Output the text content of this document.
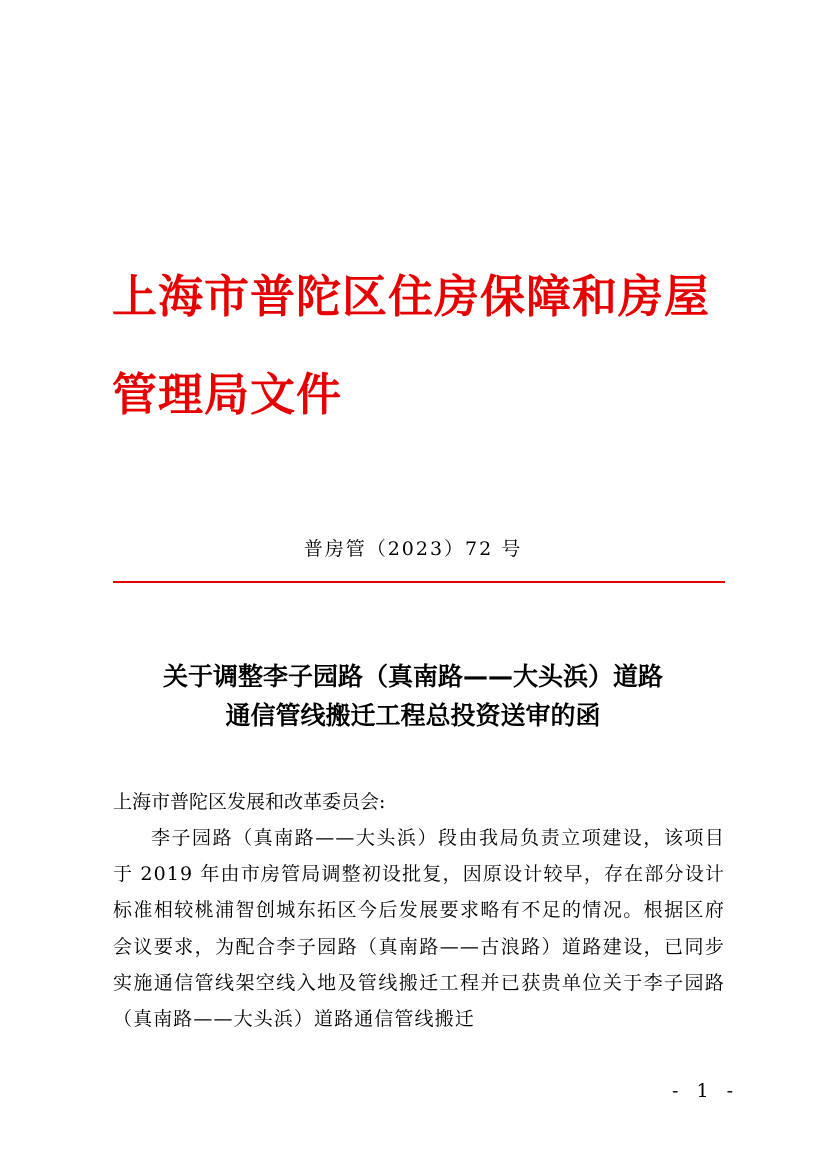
上海市普陀区住房保障和房屋管理局文件

普房管（2023）72 号

关于调整李子园路（真南路——大头浜）道路
通信管线搬迁工程总投资送审的函

上海市普陀区发展和改革委员会:

李子园路（真南路——大头浜）段由我局负责立项建设，该项目于 2019 年由市房管局调整初设批复，因原设计较早，存在部分设计标准相较桃浦智创城东拓区今后发展要求略有不足的情况。根据区府会议要求，为配合李子园路（真南路——古浪路）道路建设，已同步实施通信管线架空线入地及管线搬迁工程并已获贵单位关于李子园路（真南路——大头浜）道路通信管线搬迁

- 1 -
